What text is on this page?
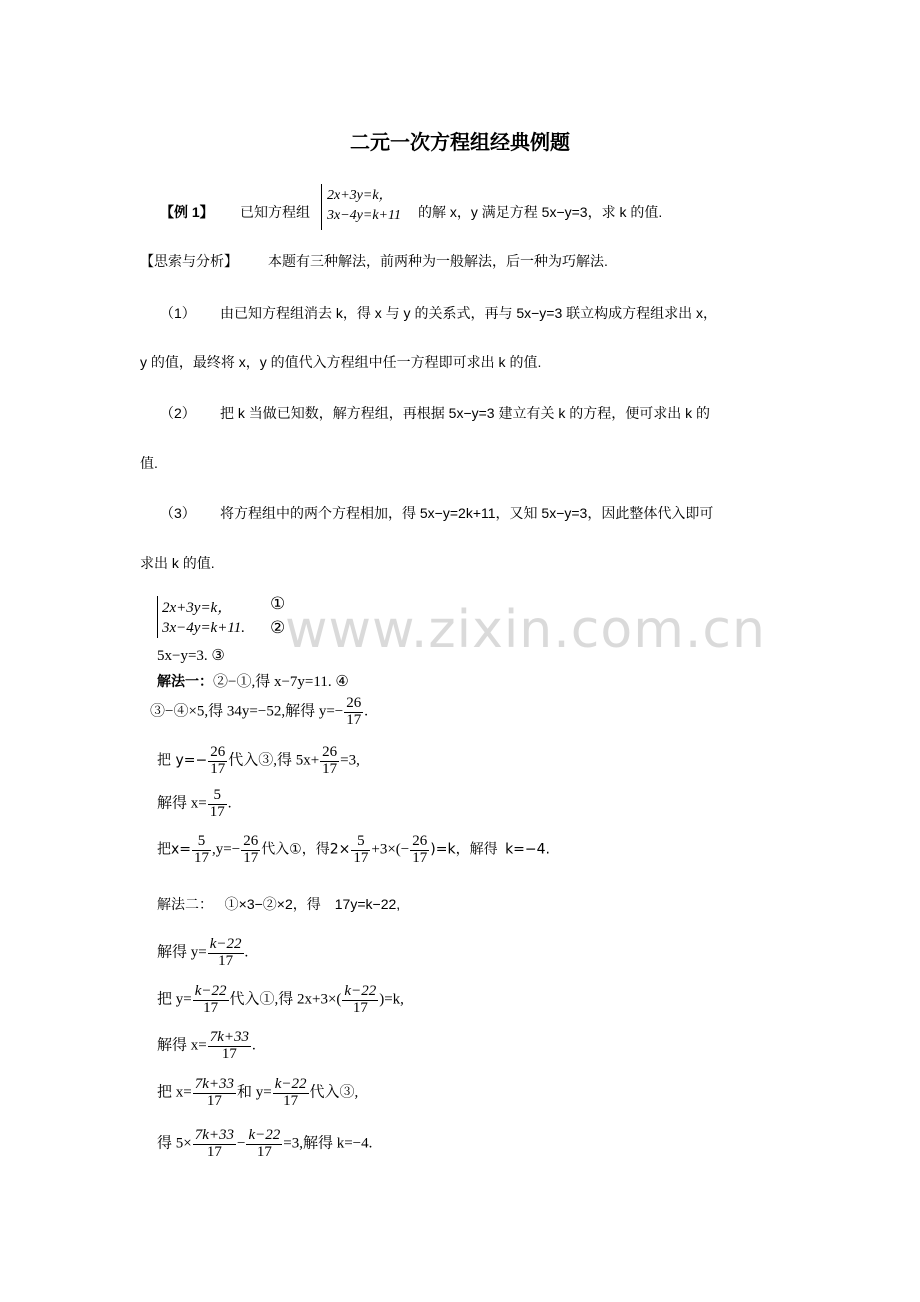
二元一次方程组经典例题
【例 1】 已知方程组
2x+3y=k，
3x−4y=k+11 的解 x，y 满足方程 5x−y=3，求 k 的值.
【思索与分析】 本题有三种解法，前两种为一般解法，后一种为巧解法.
（1） 由已知方程组消去 k，得 x 与 y 的关系式，再与 5x−y=3 联立构成方程组求出 x，
y 的值，最终将 x，y 的值代入方程组中任一方程即可求出 k 的值.
（2） 把 k 当做已知数，解方程组，再根据 5x−y=3 建立有关 k 的方程，便可求出 k 的
值.
（3） 将方程组中的两个方程相加，得 5x−y=2k+11，又知 5x−y=3，因此整体代入即可
求出 k 的值.
www.zixin.com.cn
2x+3y=k， ①
3x−4y=k+11. ②
5x−y=3. ③
解法一：②−①,得 x−7y=11. ④
③−④×5,得 34y=−52,解得 $y=- \frac{26}{17}$ .
把 $y=- \frac{26}{17}$ 代入③,得 $5x+ \frac{26}{17} =3$,
解得 $x= \frac{5}{17}$ .
把$x= \frac{5}{17} ,y=- \frac{26}{17}$ 代入①，得$2\times \frac{5}{17} +3\times(- \frac{26}{17} )=k$，解得 k=−4.
解法二： ①×3−②×2，得　17y=k−22,
解得 $y= \frac{k-22}{17}$ .
把 $y= \frac{k-22}{17}$ 代入①,得 $2x+3\times( \frac{k-22}{17} )=k$,
解得 $x= \frac{7k+33}{17}$ .
把 $x= \frac{7k+33}{17}$ 和 $y= \frac{k-22}{17}$ 代入③,
得 $5\times \frac{7k+33}{17} - \frac{k-22}{17} =3$,解得 k=−4.
